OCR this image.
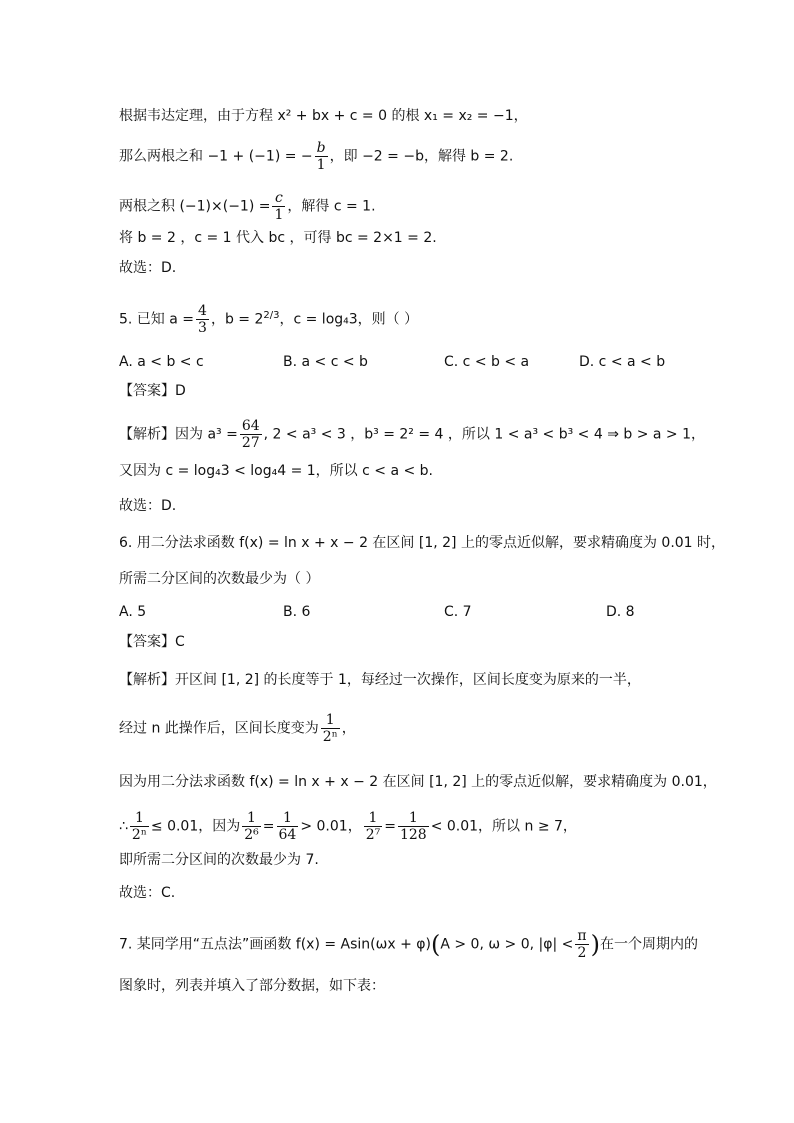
根据韦达定理，由于方程 x² + bx + c = 0 的根 x₁ = x₂ = −1，
那么两根之和 −1 + (−1) = − $\frac{b}{1}$ ，即 −2 = −b，解得 b = 2.
两根之积 $(-1)\times(-1) = \frac{c}{1}$ ，解得 c = 1.
将 b = 2 ，c = 1 代入 bc ，可得 bc = 2×1 = 2.
故选：D.
5. 已知 $a = \frac{4}{3}$ ，$b = 2^{2/3}$，c = log₄3，则（ ）
A. a < b < c	B. a < c < b	C. c < b < a	D. c < a < b
【答案】D
【解析】因为 $a^3 = \frac{64}{27}$ , 2 < a³ < 3 ，b³ = 2² = 4 ，所以 1 < a³ < b³ < 4 ⇒ b > a > 1，
又因为 c = log₄3 < log₄4 = 1，所以 c < a < b.
故选：D.
6. 用二分法求函数 f(x) = ln x + x − 2 在区间 [1, 2] 上的零点近似解，要求精确度为 0.01 时，
所需二分区间的次数最少为（ ）
A. 5	B. 6	C. 7	D. 8
【答案】C
【解析】开区间 [1, 2] 的长度等于 1，每经过一次操作，区间长度变为原来的一半，
经过 n 此操作后，区间长度变为 $\frac{1}{\text{2ⁿ}}$ ，
因为用二分法求函数 f(x) = ln x + x − 2 在区间 [1, 2] 上的零点近似解，要求精确度为 0.01，
∴ $\frac{1}{\text{2ⁿ}} \le 0.01$，因为 $\frac{1}{\text{2⁶}} = \frac{1}{64} > 0.01$， $\frac{1}{\text{2⁷}} = \frac{1}{128} < 0.01$，所以 n ≥ 7，
即所需二分区间的次数最少为 7.
故选：C.
7. 某同学用“五点法”画函数 f(x) = Asin(ωx + φ)(A > 0, ω > 0, $|\varphi| < \frac{\pi}{2}$ )在一个周期内的
图象时，列表并填入了部分数据，如下表：
